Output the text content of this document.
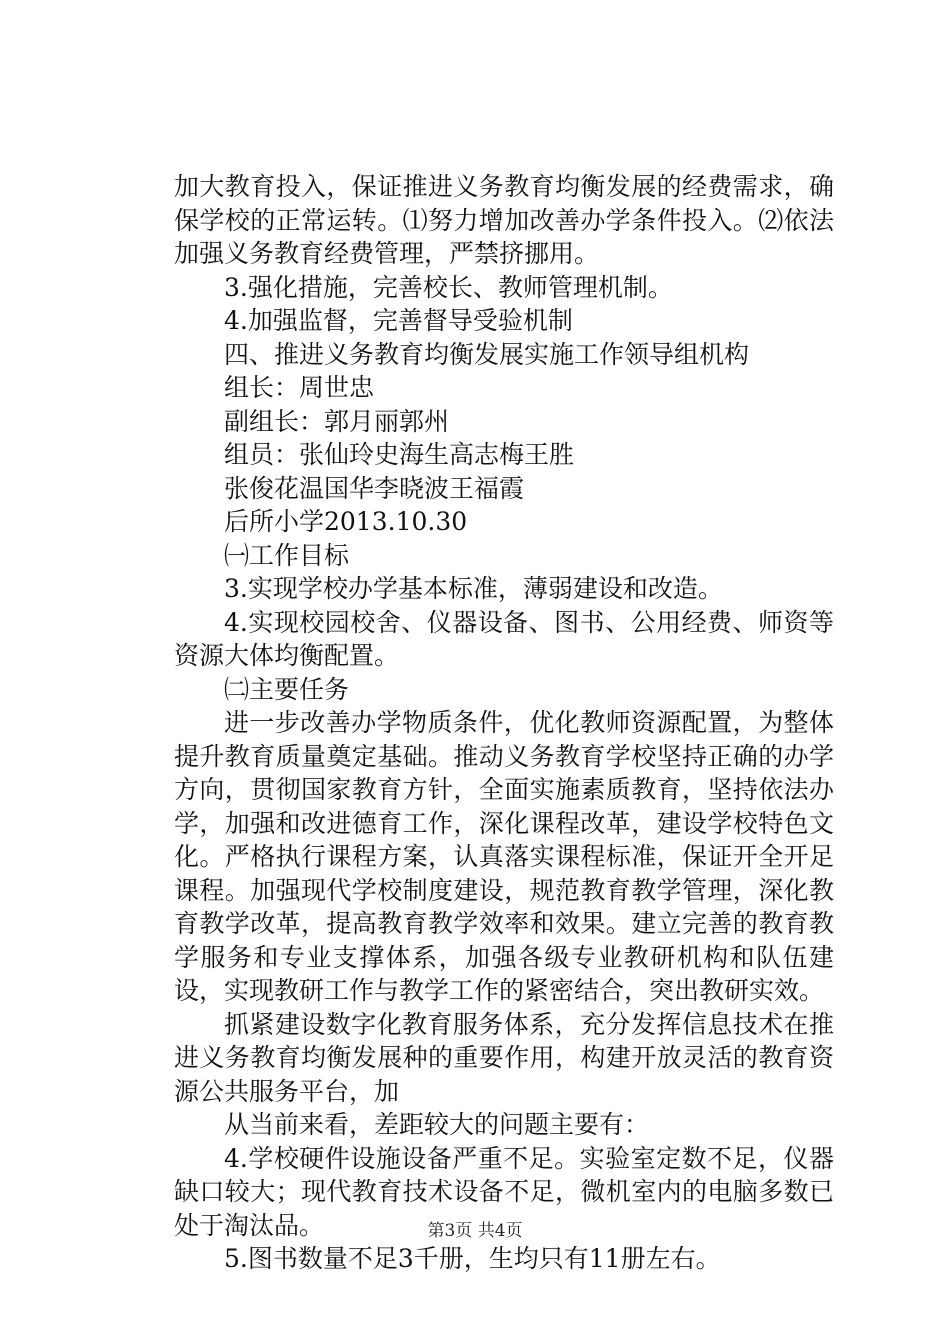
加大教育投入，保证推进义务教育均衡发展的经费需求，确保学校的正常运转。⑴努力增加改善办学条件投入。⑵依法加强义务教育经费管理，严禁挤挪用。

3.强化措施，完善校长、教师管理机制。

4.加强监督，完善督导受验机制

四、推进义务教育均衡发展实施工作领导组机构

组长：周世忠

副组长：郭月丽郭州

组员：张仙玲史海生高志梅王胜

张俊花温国华李晓波王福霞

后所小学2013.10.30

㈠工作目标

3.实现学校办学基本标准，薄弱建设和改造。

4.实现校园校舍、仪器设备、图书、公用经费、师资等资源大体均衡配置。

㈡主要任务

进一步改善办学物质条件，优化教师资源配置，为整体提升教育质量奠定基础。推动义务教育学校坚持正确的办学方向，贯彻国家教育方针，全面实施素质教育，坚持依法办学，加强和改进德育工作，深化课程改革，建设学校特色文化。严格执行课程方案，认真落实课程标准，保证开全开足课程。加强现代学校制度建设，规范教育教学管理，深化教育教学改革，提高教育教学效率和效果。建立完善的教育教学服务和专业支撑体系，加强各级专业教研机构和队伍建设，实现教研工作与教学工作的紧密结合，突出教研实效。

抓紧建设数字化教育服务体系，充分发挥信息技术在推进义务教育均衡发展种的重要作用，构建开放灵活的教育资源公共服务平台，加

从当前来看，差距较大的问题主要有：

4.学校硬件设施设备严重不足。实验室定数不足，仪器缺口较大；现代教育技术设备不足，微机室内的电脑多数已处于淘汰品。

5.图书数量不足3千册，生均只有11册左右。

第3页 共4页
